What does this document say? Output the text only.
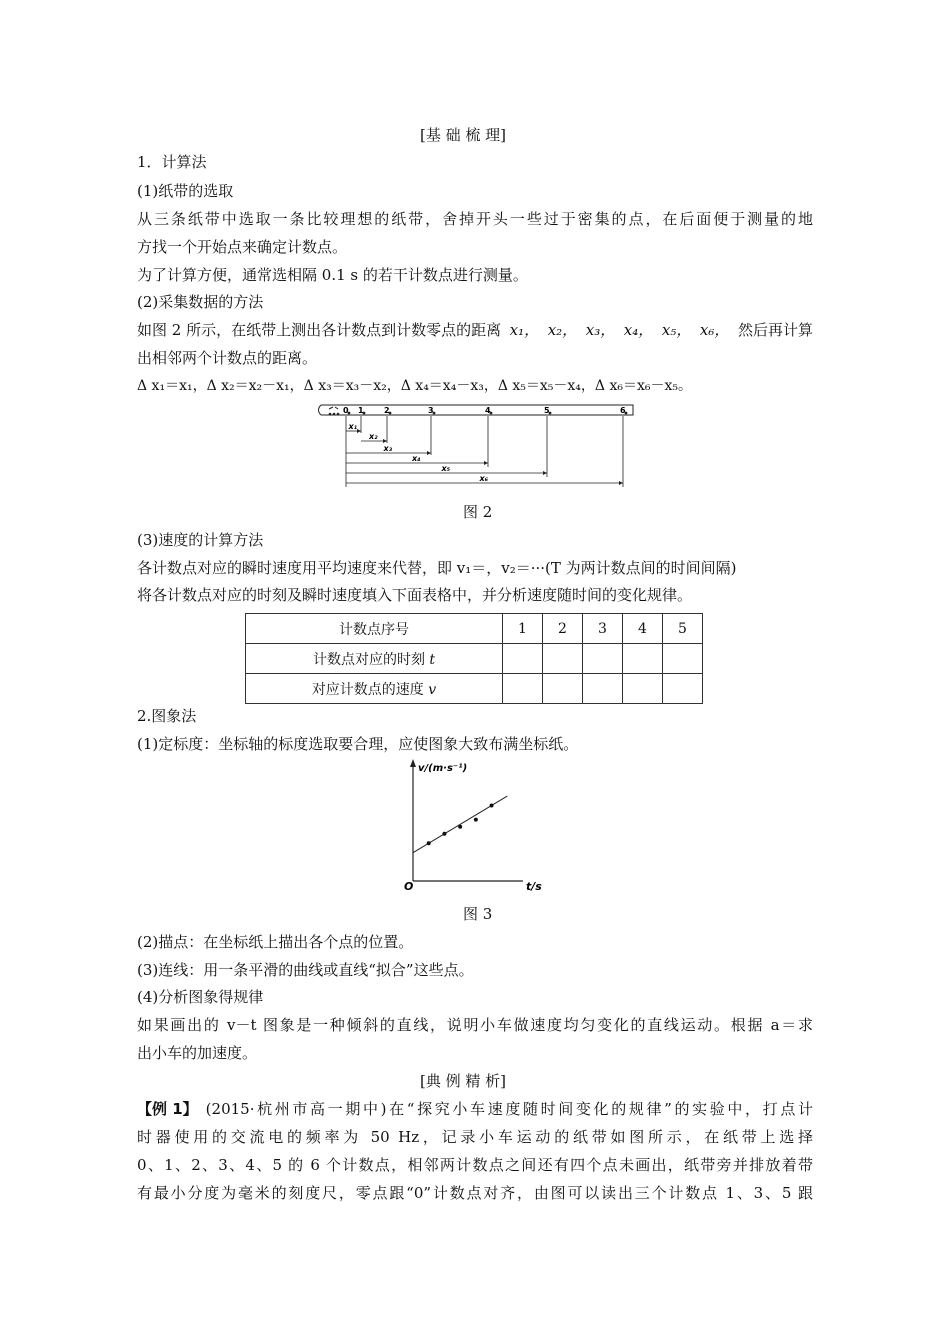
[基 础 梳 理]
1．计算法
(1)纸带的选取
从三条纸带中选取一条比较理想的纸带，舍掉开头一些过于密集的点，在后面便于测量的地
方找一个开始点来确定计数点。
为了计算方便，通常选相隔 0.1 s 的若干计数点进行测量。
(2)采集数据的方法
如图 2 所示，在纸带上测出各计数点到计数零点的距离 x₁， x₂， x₃， x₄， x₅， x₆， 然后再计算
出相邻两个计数点的距离。
Δ x₁＝x₁，Δ x₂＝x₂－x₁，Δ x₃＝x₃－x₂，Δ x₄＝x₄－x₃，Δ x₅＝x₅－x₄，Δ x₆＝x₆－x₅。
0 1	2	3	4	5	6
x₁
x₂
x₃
x₄
x₅
x₆
图 2
(3)速度的计算方法
各计数点对应的瞬时速度用平均速度来代替，即 v₁＝，v₂＝···(T 为两计数点间的时间间隔)
将各计数点对应的时刻及瞬时速度填入下面表格中，并分析速度随时间的变化规律。
计数点序号	1	2	3	4	5
计数点对应的时刻 t					
对应计数点的速度 v					
2.图象法
(1)定标度：坐标轴的标度选取要合理，应使图象大致布满坐标纸。
v/(m·s⁻¹)
O	t/s
图 3
(2)描点：在坐标纸上描出各个点的位置。
(3)连线：用一条平滑的曲线或直线“拟合”这些点。
(4)分析图象得规律
如果画出的 v－t 图象是一种倾斜的直线，说明小车做速度均匀变化的直线运动。根据 a＝求
出小车的加速度。
[典 例 精 析]
【例 1】 (2015·杭州市高一期中)在“探究小车速度随时间变化的规律”的实验中，打点计
时器使用的交流电的频率为 50 Hz，记录小车运动的纸带如图所示，在纸带上选择
0、1、2、3、4、5 的 6 个计数点，相邻两计数点之间还有四个点未画出，纸带旁并排放着带
有最小分度为毫米的刻度尺，零点跟“0”计数点对齐，由图可以读出三个计数点 1、3、5 跟
